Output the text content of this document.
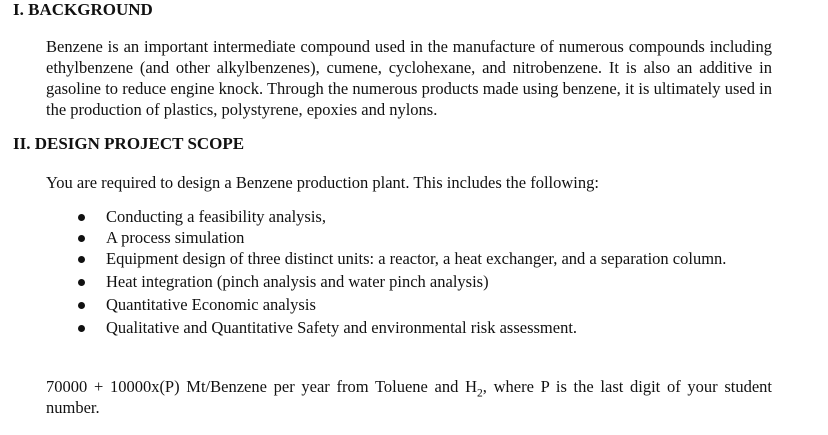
I. BACKGROUND

Benzene is an important intermediate compound used in the manufacture of numerous compounds including ethylbenzene (and other alkylbenzenes), cumene, cyclohexane, and nitrobenzene. It is also an additive in gasoline to reduce engine knock. Through the numerous products made using benzene, it is ultimately used in the production of plastics, polystyrene, epoxies and nylons.

II. DESIGN PROJECT SCOPE

You are required to design a Benzene production plant. This includes the following:

Conducting a feasibility analysis,
A process simulation
Equipment design of three distinct units: a reactor, a heat exchanger, and a separation column.
Heat integration (pinch analysis and water pinch analysis)
Quantitative Economic analysis
Qualitative and Quantitative Safety and environmental risk assessment.

70000 + 10000x(P) Mt/Benzene per year from Toluene and $H_2$, where P is the last digit of your student number.
